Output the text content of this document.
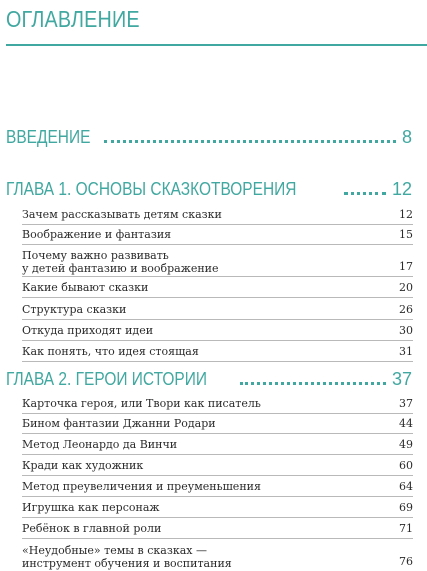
ОГЛАВЛЕНИЕ
ВВЕДЕНИЕ	8
ГЛАВА 1. ОСНОВЫ СКАЗКОТВОРЕНИЯ	12
Зачем рассказывать детям сказки	12
Воображение и фантазия	15
Почему важно развивать
у детей фантазию и воображение	17
Какие бывают сказки	20
Структура сказки	26
Откуда приходят идеи	30
Как понять, что идея стоящая	31
ГЛАВА 2. ГЕРОИ ИСТОРИИ	37
Карточка героя, или Твори как писатель	37
Бином фантазии Джанни Родари	44
Метод Леонардо да Винчи	49
Кради как художник	60
Метод преувеличения и преуменьшения	64
Игрушка как персонаж	69
Ребёнок в главной роли	71
«Неудобные» темы в сказках —
инструмент обучения и воспитания	76
